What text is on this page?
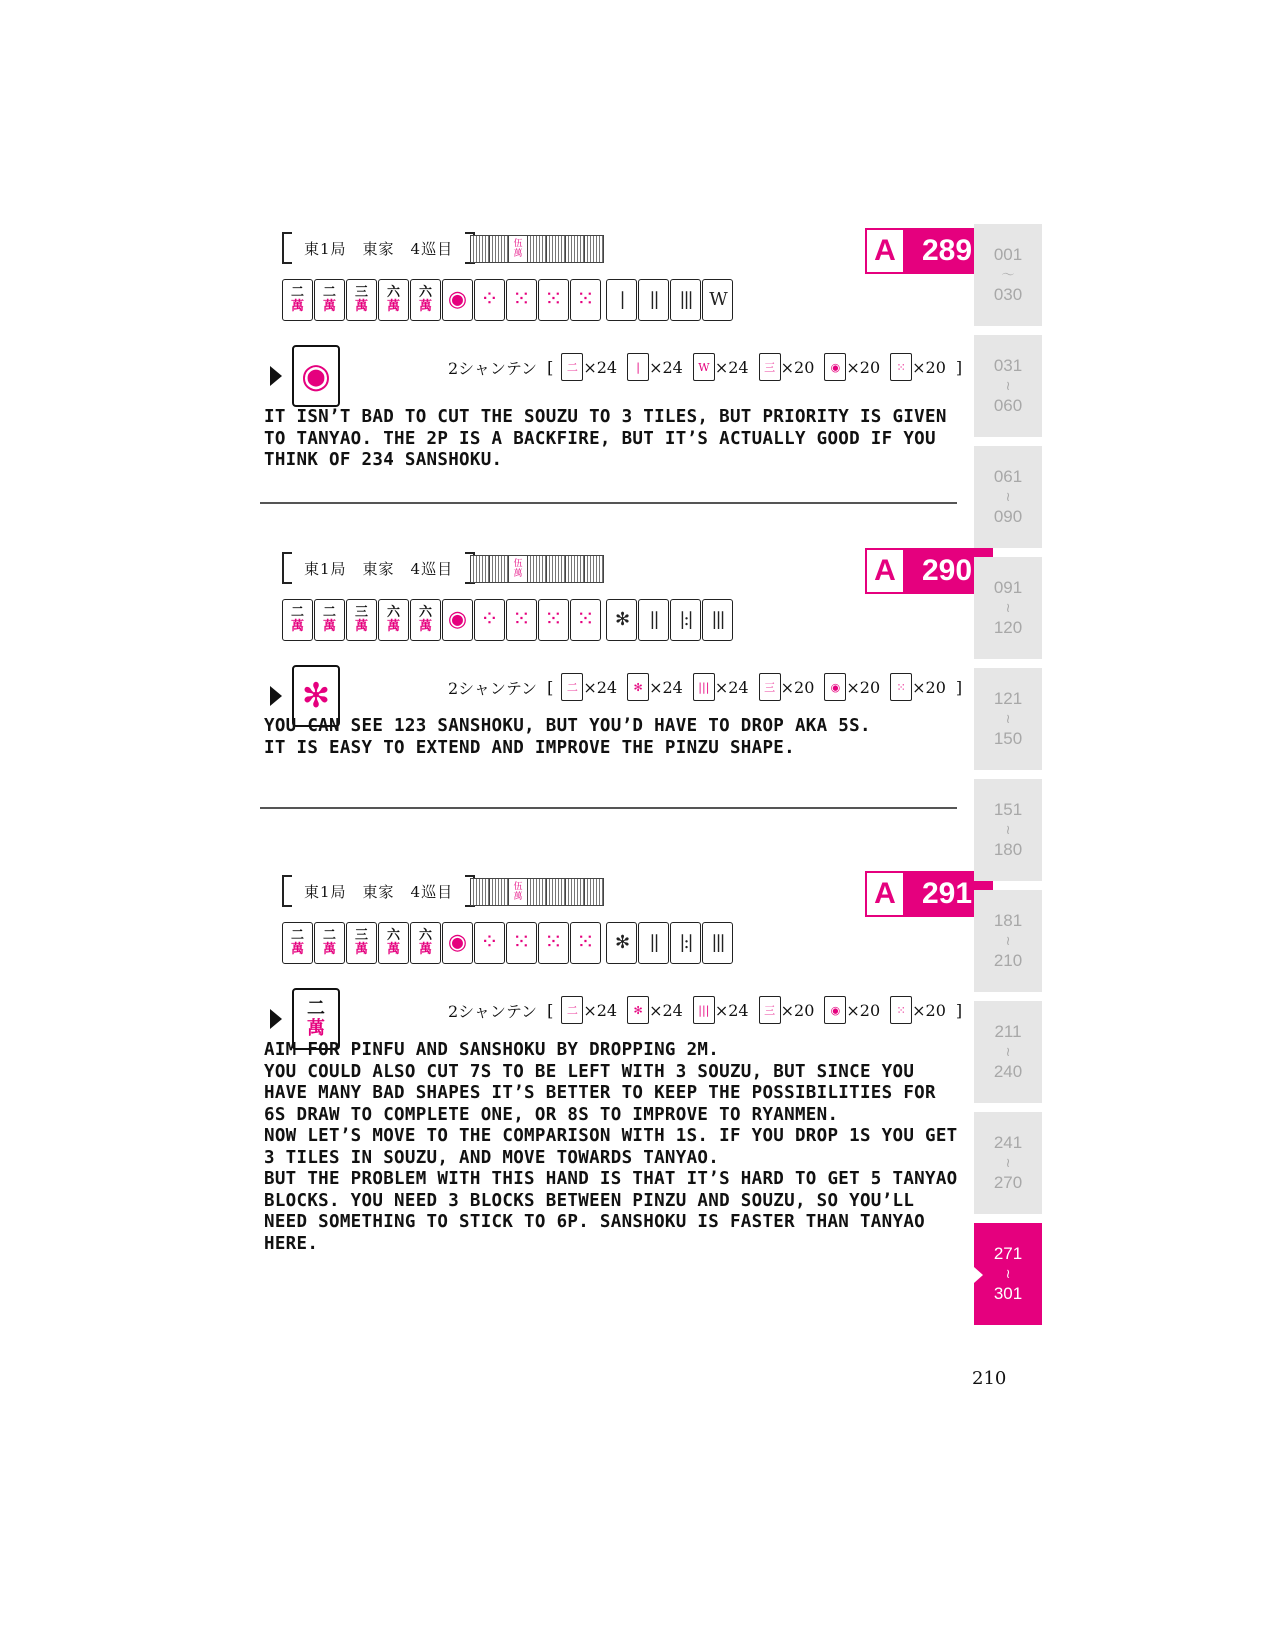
東1局　東家　4巡目	伍
萬	A 289
二
萬
二
萬
三
萬
六
萬
六
萬 ◉ ⁘ ⁙ ⁙ ⁙ | || ||| W
◉	2シャンテン [	二 ×24	| ×24	W ×24	三 ×20	◉ ×20	⁙ ×20 ]

IT ISN’T BAD TO CUT THE SOUZU TO 3 TILES, BUT PRIORITY IS GIVEN TO TANYAO. THE 2P IS A BACKFIRE, BUT IT’S ACTUALLY GOOD IF YOU THINK OF 234 SANSHOKU.

東1局　東家　4巡目	伍
萬	A 290
二
萬
二
萬
三
萬
六
萬
六
萬 ◉ ⁘ ⁙ ⁙ ⁙ ✻ || |:| |||
✻	2シャンテン [	二 ×24	✻ ×24	||| ×24	三 ×20	◉ ×20	⁙ ×20 ]

YOU CAN SEE 123 SANSHOKU, BUT YOU’D HAVE TO DROP AKA 5S.

IT IS EASY TO EXTEND AND IMPROVE THE PINZU SHAPE.

東1局　東家　4巡目	伍
萬	A 291
二
萬
二
萬
三
萬
六
萬
六
萬 ◉ ⁘ ⁙ ⁙ ⁙ ✻ || |:| |||
二
萬
2シャンテン [	二 ×24	✻ ×24	||| ×24	三 ×20	◉ ×20	⁙ ×20 ]

AIM FOR PINFU AND SANSHOKU BY DROPPING 2M.

YOU COULD ALSO CUT 7S TO BE LEFT WITH 3 SOUZU, BUT SINCE YOU HAVE MANY BAD SHAPES IT’S BETTER TO KEEP THE POSSIBILITIES FOR 6S DRAW TO COMPLETE ONE, OR 8S TO IMPROVE TO RYANMEN.

NOW LET’S MOVE TO THE COMPARISON WITH 1S. IF YOU DROP 1S YOU GET 3 TILES IN SOUZU, AND MOVE TOWARDS TANYAO.

BUT THE PROBLEM WITH THIS HAND IS THAT IT’S HARD TO GET 5 TANYAO BLOCKS. YOU NEED 3 BLOCKS BETWEEN PINZU AND SOUZU, SO YOU’LL NEED SOMETHING TO STICK TO 6P. SANSHOKU IS FASTER THAN TANYAO HERE.

001
～
030
031
≀
060
061
≀
090
091
≀
120
121
≀
150
151
≀
180
181
≀
210
211
≀
240
241
≀
270
271
≀
301
210
